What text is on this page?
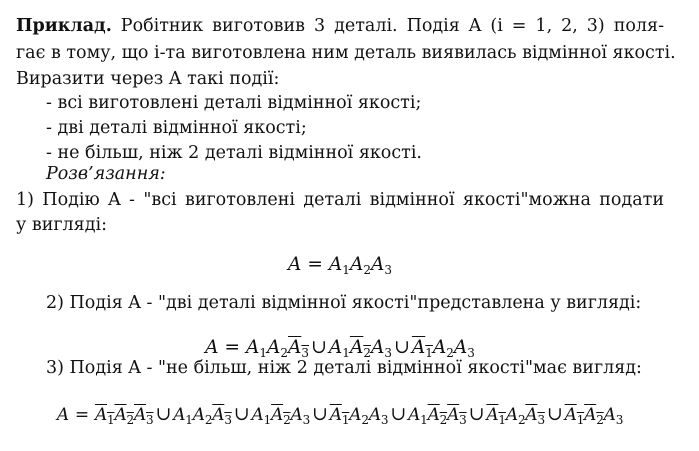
Приклад. Робітник виготовив 3 деталі. Подія A (i = 1, 2, 3) поля-
гає в тому, що i-та виготовлена ним деталь виявилась відмінної якості.
Виразити через A такі події:
- всі виготовлені деталі відмінної якості;
- дві деталі відмінної якості;
- не більш, ніж 2 деталі відмінної якості.
Розв’язання:
1) Подію A - "всі виготовлені деталі відмінної якості"можна подати
у вигляді:
$A = A_1A_2A_3$
2) Подія A - "дві деталі відмінної якості"представлена у вигляді:
$A = A_1A_2A_3$ ∪ $A_1A_2A_3$ ∪ $A_1A_2A_3$
3) Подія A - "не більш, ніж 2 деталі відмінної якості"має вигляд:
$A = A_1A_2A_3$ ∪ $A_1A_2A_3$ ∪ $A_1A_2A_3$ ∪ $A_1A_2A_3$ ∪ $A_1A_2A_3$ ∪ $A_1A_2A_3$ ∪ $A_1A_2A_3$
